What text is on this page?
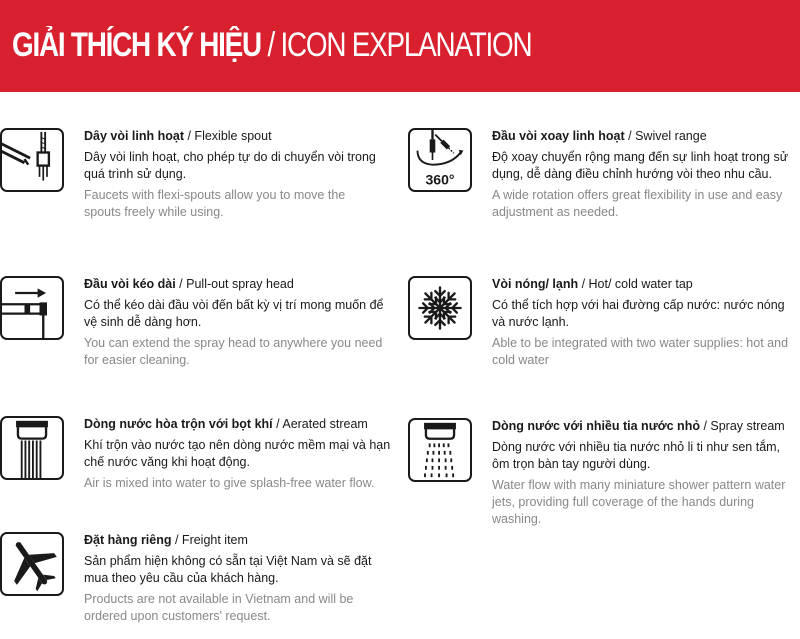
GIẢI THÍCH KÝ HIỆU / ICON EXPLANATION
Dây vòi linh hoạt / Flexible spout
Dây vòi linh hoạt, cho phép tự do di chuyển vòi trong quá trình sử dụng.
Faucets with flexi-spouts allow you to move the spouts freely while using.
360°
Đầu vòi xoay linh hoạt / Swivel range
Độ xoay chuyển rộng mang đến sự linh hoạt trong sử dụng, dễ dàng điều chỉnh hướng vòi theo nhu cầu.
A wide rotation offers great flexibility in use and easy adjustment as needed.
Đầu vòi kéo dài / Pull-out spray head
Có thể kéo dài đầu vòi đến bất kỳ vị trí mong muốn để vệ sinh dễ dàng hơn.
You can extend the spray head to anywhere you need for easier cleaning.
Vòi nóng/ lạnh / Hot/ cold water tap
Có thể tích hợp với hai đường cấp nước: nước nóng và nước lạnh.
Able to be integrated with two water supplies: hot and cold water
Dòng nước hòa trộn với bọt khí / Aerated stream
Khí trộn vào nước tạo nên dòng nước mềm mại và hạn chế nước văng khi hoạt động.
Air is mixed into water to give splash-free water flow.
Dòng nước với nhiều tia nước nhỏ / Spray stream
Dòng nước với nhiều tia nước nhỏ li ti như sen tắm, ôm trọn bàn tay người dùng.
Water flow with many miniature shower pattern water jets, providing full coverage of the hands during washing.
Đặt hàng riêng / Freight item
Sản phẩm hiện không có sẵn tại Việt Nam và sẽ đặt mua theo yêu cầu của khách hàng.
Products are not available in Vietnam and will be ordered upon customers' request.
